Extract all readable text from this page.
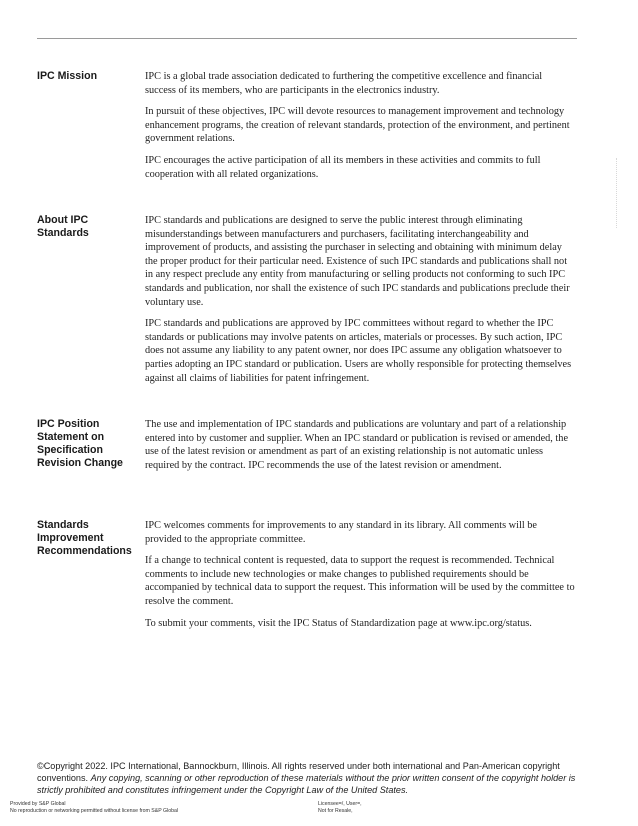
IPC Mission	IPC is a global trade association dedicated to furthering the competitive excellence and financial success of its members, who are participants in the electronics industry.

In pursuit of these objectives, IPC will devote resources to management improvement and technology enhancement programs, the creation of relevant standards, protection of the environment, and pertinent government relations.

IPC encourages the active participation of all its members in these activities and commits to full cooperation with all related organizations.

About IPC Standards

IPC standards and publications are designed to serve the public interest through eliminating misunderstandings between manufacturers and purchasers, facilitating interchangeability and improvement of products, and assisting the purchaser in selecting and obtaining with minimum delay the proper product for their particular need. Existence of such IPC standards and publications shall not in any respect preclude any entity from manufacturing or selling products not conforming to such IPC standards and publication, nor shall the existence of such IPC standards and publications preclude their voluntary use.

IPC standards and publications are approved by IPC committees without regard to whether the IPC standards or publications may involve patents on articles, materials or processes. By such action, IPC does not assume any liability to any patent owner, nor does IPC assume any obligation whatsoever to parties adopting an IPC standard or publication. Users are wholly responsible for protecting themselves against all claims of liabilities for patent infringement.

IPC Position Statement on Specification Revision Change

The use and implementation of IPC standards and publications are voluntary and part of a relationship entered into by customer and supplier. When an IPC standard or publication is revised or amended, the use of the latest revision or amendment as part of an existing relationship is not automatic unless required by the contract. IPC recommends the use of the latest revision or amendment.

Standards Improvement Recommendations

IPC welcomes comments for improvements to any standard in its library. All comments will be provided to the appropriate committee.

If a change to technical content is requested, data to support the request is recommended. Technical comments to include new technologies or make changes to published requirements should be accompanied by technical data to support the request. This information will be used by the committee to resolve the comment.

To submit your comments, visit the IPC Status of Standardization page at www.ipc.org/status.

©Copyright 2022. IPC International, Bannockburn, Illinois. All rights reserved under both international and Pan-American copyright conventions. Any copying, scanning or other reproduction of these materials without the prior written consent of the copyright holder is strictly prohibited and constitutes infringement under the Copyright Law of the United States.
Provided by S&P Global
No reproduction or networking permitted without license from S&P Global
Licensee=/, User=,
Not for Resale,
